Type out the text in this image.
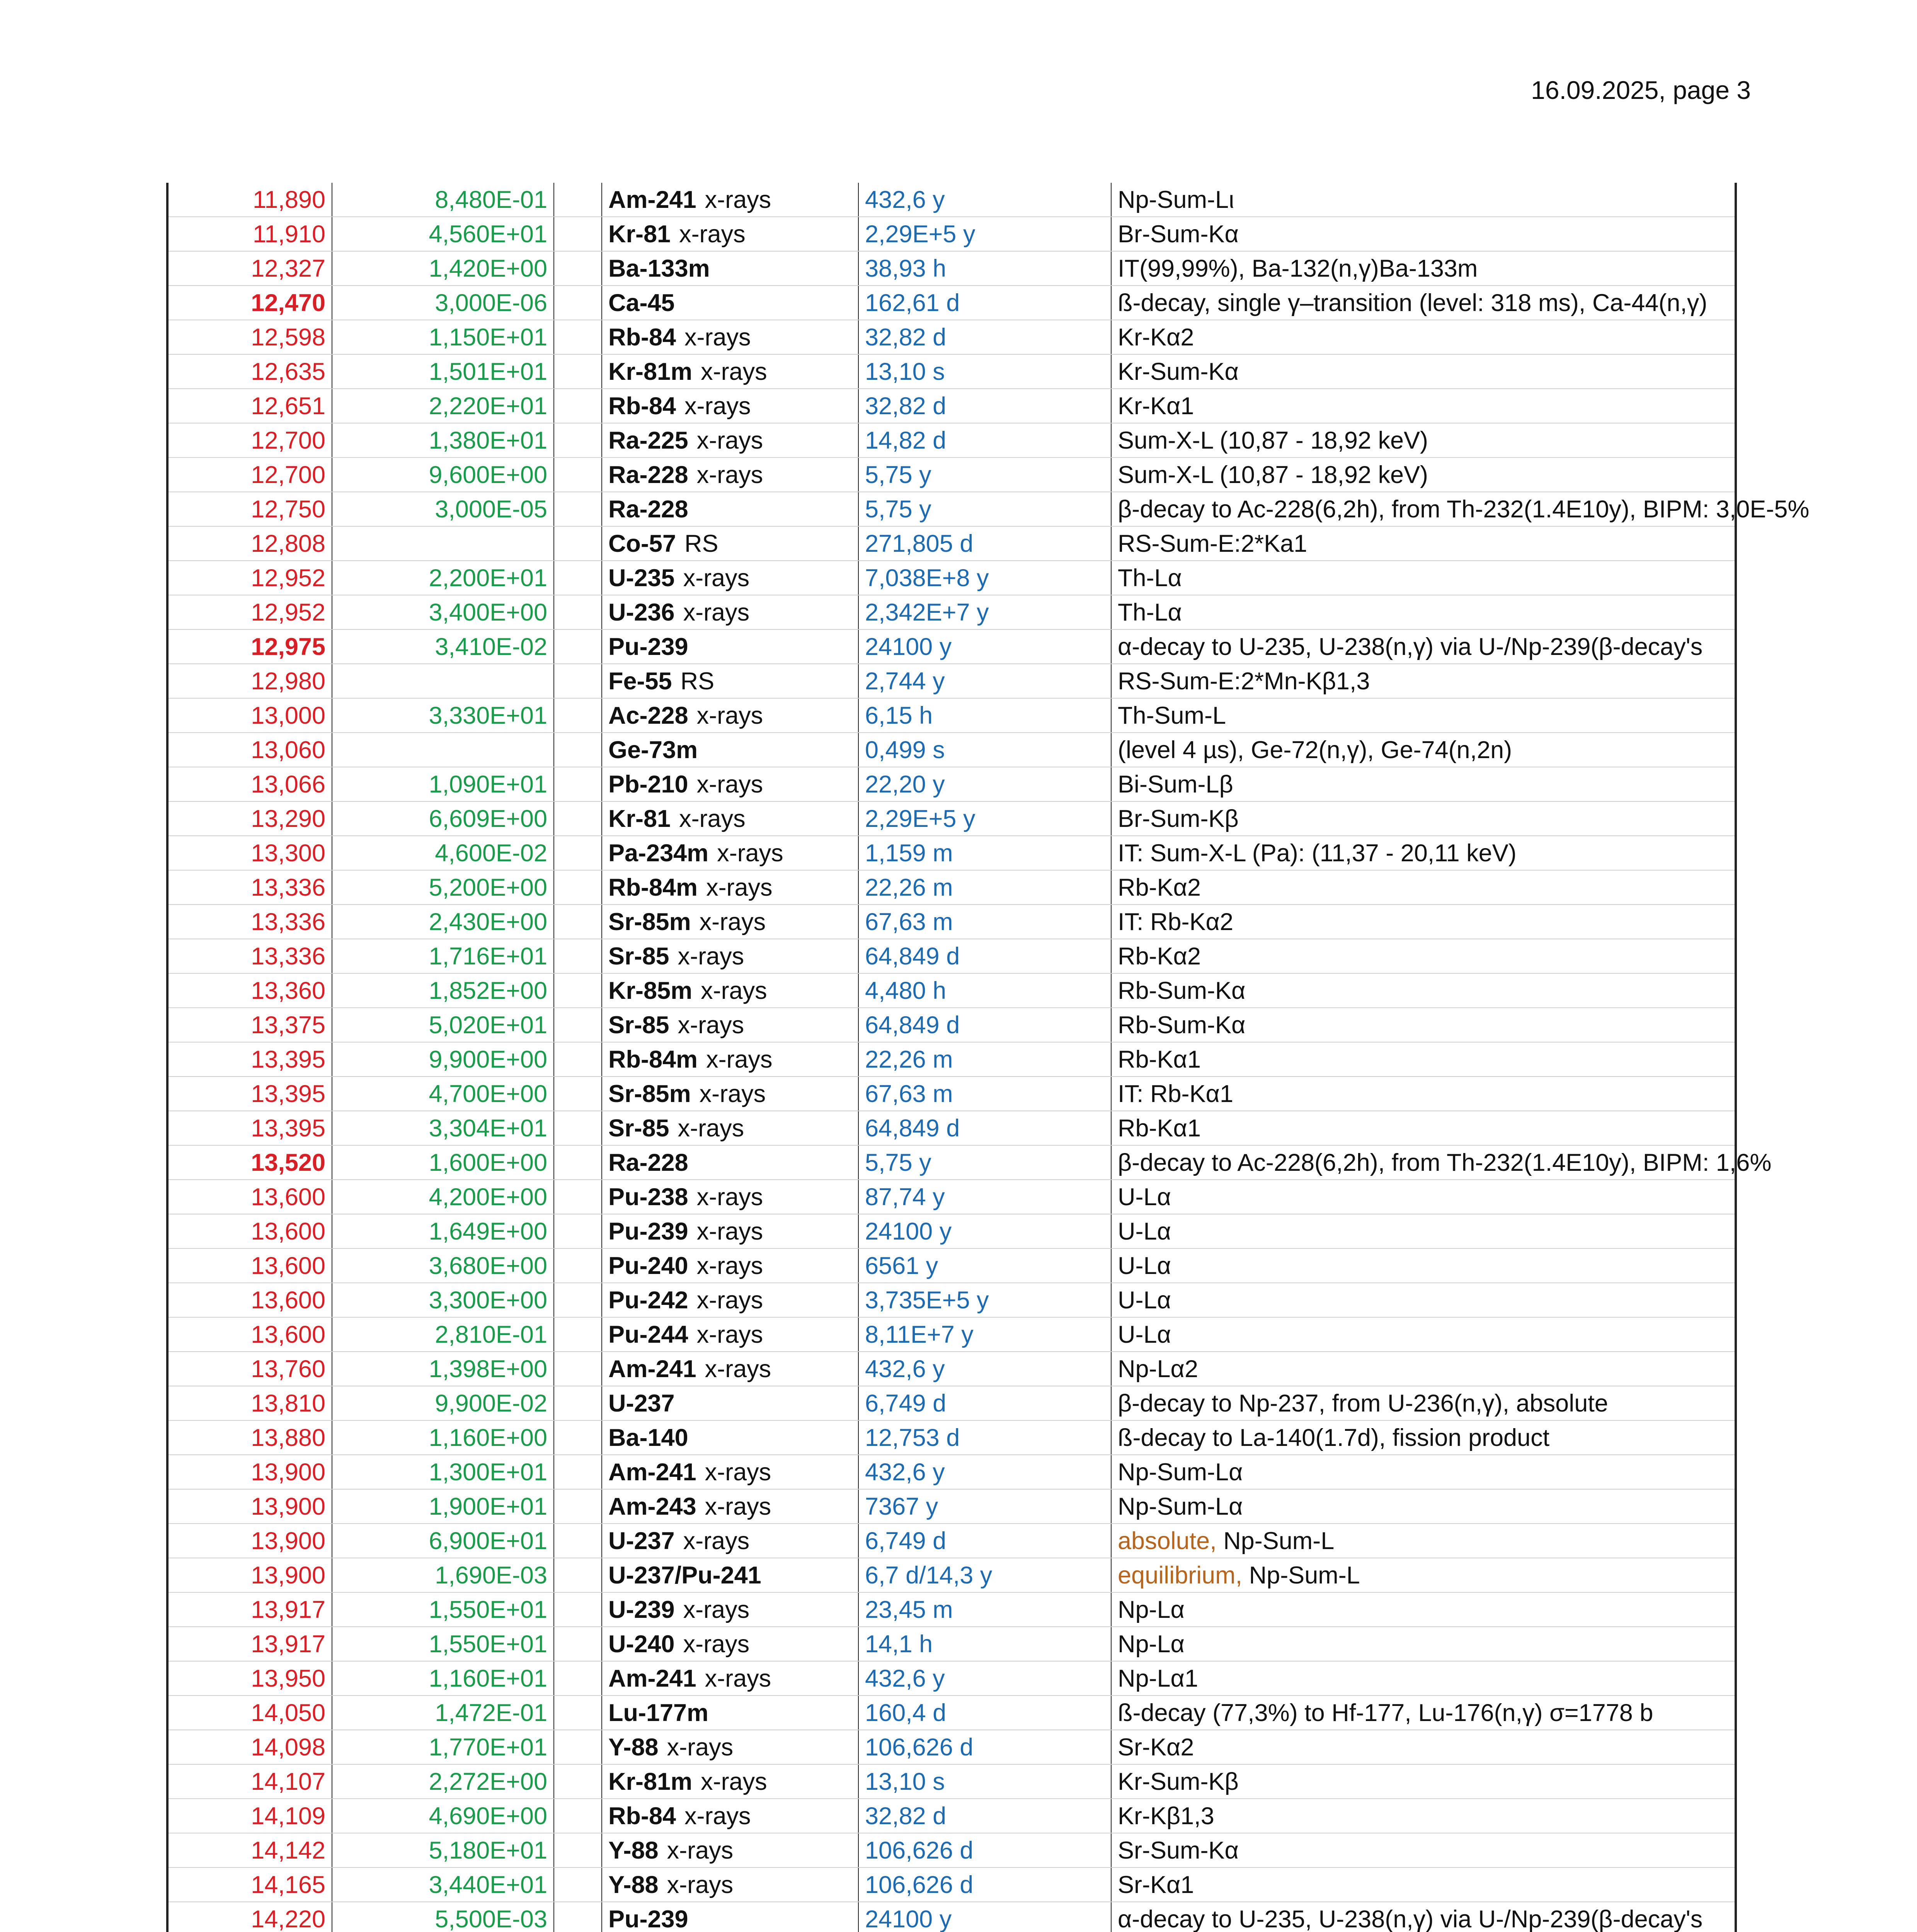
16.09.2025, page 3
11,890	8,480E-01		Am-241 x-rays	432,6 y	Np-Sum-Lι
11,910	4,560E+01		Kr-81 x-rays	2,29E+5 y	Br-Sum-Kα
12,327	1,420E+00		Ba-133m	38,93 h	IT(99,99%), Ba-132(n,γ)Ba-133m
12,470	3,000E-06		Ca-45	162,61 d	ß-decay, single γ–transition (level: 318 ms), Ca-44(n,γ)
12,598	1,150E+01		Rb-84 x-rays	32,82 d	Kr-Kα2
12,635	1,501E+01		Kr-81m x-rays	13,10 s	Kr-Sum-Kα
12,651	2,220E+01		Rb-84 x-rays	32,82 d	Kr-Kα1
12,700	1,380E+01		Ra-225 x-rays	14,82 d	Sum-X-L (10,87 - 18,92 keV)
12,700	9,600E+00		Ra-228 x-rays	5,75 y	Sum-X-L (10,87 - 18,92 keV)
12,750	3,000E-05		Ra-228	5,75 y	β-decay to Ac-228(6,2h), from Th-232(1.4E10y), BIPM: 3,0E-5%
12,808			Co-57 RS	271,805 d	RS-Sum-E:2*Ka1
12,952	2,200E+01		U-235 x-rays	7,038E+8 y	Th-Lα
12,952	3,400E+00		U-236 x-rays	2,342E+7 y	Th-Lα
12,975	3,410E-02		Pu-239	24100 y	α-decay to U-235, U-238(n,γ) via U-/Np-239(β-decay's
12,980			Fe-55 RS	2,744 y	RS-Sum-E:2*Mn-Kβ1,3
13,000	3,330E+01		Ac-228 x-rays	6,15 h	Th-Sum-L
13,060			Ge-73m	0,499 s	(level 4 µs), Ge-72(n,γ), Ge-74(n,2n)
13,066	1,090E+01		Pb-210 x-rays	22,20 y	Bi-Sum-Lβ
13,290	6,609E+00		Kr-81 x-rays	2,29E+5 y	Br-Sum-Kβ
13,300	4,600E-02		Pa-234m x-rays	1,159 m	IT: Sum-X-L (Pa): (11,37 - 20,11 keV)
13,336	5,200E+00		Rb-84m x-rays	22,26 m	Rb-Kα2
13,336	2,430E+00		Sr-85m x-rays	67,63 m	IT: Rb-Kα2
13,336	1,716E+01		Sr-85 x-rays	64,849 d	Rb-Kα2
13,360	1,852E+00		Kr-85m x-rays	4,480 h	Rb-Sum-Kα
13,375	5,020E+01		Sr-85 x-rays	64,849 d	Rb-Sum-Kα
13,395	9,900E+00		Rb-84m x-rays	22,26 m	Rb-Kα1
13,395	4,700E+00		Sr-85m x-rays	67,63 m	IT: Rb-Kα1
13,395	3,304E+01		Sr-85 x-rays	64,849 d	Rb-Kα1
13,520	1,600E+00		Ra-228	5,75 y	β-decay to Ac-228(6,2h), from Th-232(1.4E10y), BIPM: 1,6%
13,600	4,200E+00		Pu-238 x-rays	87,74 y	U-Lα
13,600	1,649E+00		Pu-239 x-rays	24100 y	U-Lα
13,600	3,680E+00		Pu-240 x-rays	6561 y	U-Lα
13,600	3,300E+00		Pu-242 x-rays	3,735E+5 y	U-Lα
13,600	2,810E-01		Pu-244 x-rays	8,11E+7 y	U-Lα
13,760	1,398E+00		Am-241 x-rays	432,6 y	Np-Lα2
13,810	9,900E-02		U-237	6,749 d	β-decay to Np-237, from U-236(n,γ), absolute
13,880	1,160E+00		Ba-140	12,753 d	ß-decay to La-140(1.7d), fission product
13,900	1,300E+01		Am-241 x-rays	432,6 y	Np-Sum-Lα
13,900	1,900E+01		Am-243 x-rays	7367 y	Np-Sum-Lα
13,900	6,900E+01		U-237 x-rays	6,749 d	absolute, Np-Sum-L
13,900	1,690E-03		U-237/Pu-241	6,7 d/14,3 y	equilibrium, Np-Sum-L
13,917	1,550E+01		U-239 x-rays	23,45 m	Np-Lα
13,917	1,550E+01		U-240 x-rays	14,1 h	Np-Lα
13,950	1,160E+01		Am-241 x-rays	432,6 y	Np-Lα1
14,050	1,472E-01		Lu-177m	160,4 d	ß-decay (77,3%) to Hf-177, Lu-176(n,γ) σ=1778 b
14,098	1,770E+01		Y-88 x-rays	106,626 d	Sr-Kα2
14,107	2,272E+00		Kr-81m x-rays	13,10 s	Kr-Sum-Kβ
14,109	4,690E+00		Rb-84 x-rays	32,82 d	Kr-Kβ1,3
14,142	5,180E+01		Y-88 x-rays	106,626 d	Sr-Sum-Kα
14,165	3,440E+01		Y-88 x-rays	106,626 d	Sr-Kα1
14,220	5,500E-03		Pu-239	24100 y	α-decay to U-235, U-238(n,γ) via U-/Np-239(β-decay's
